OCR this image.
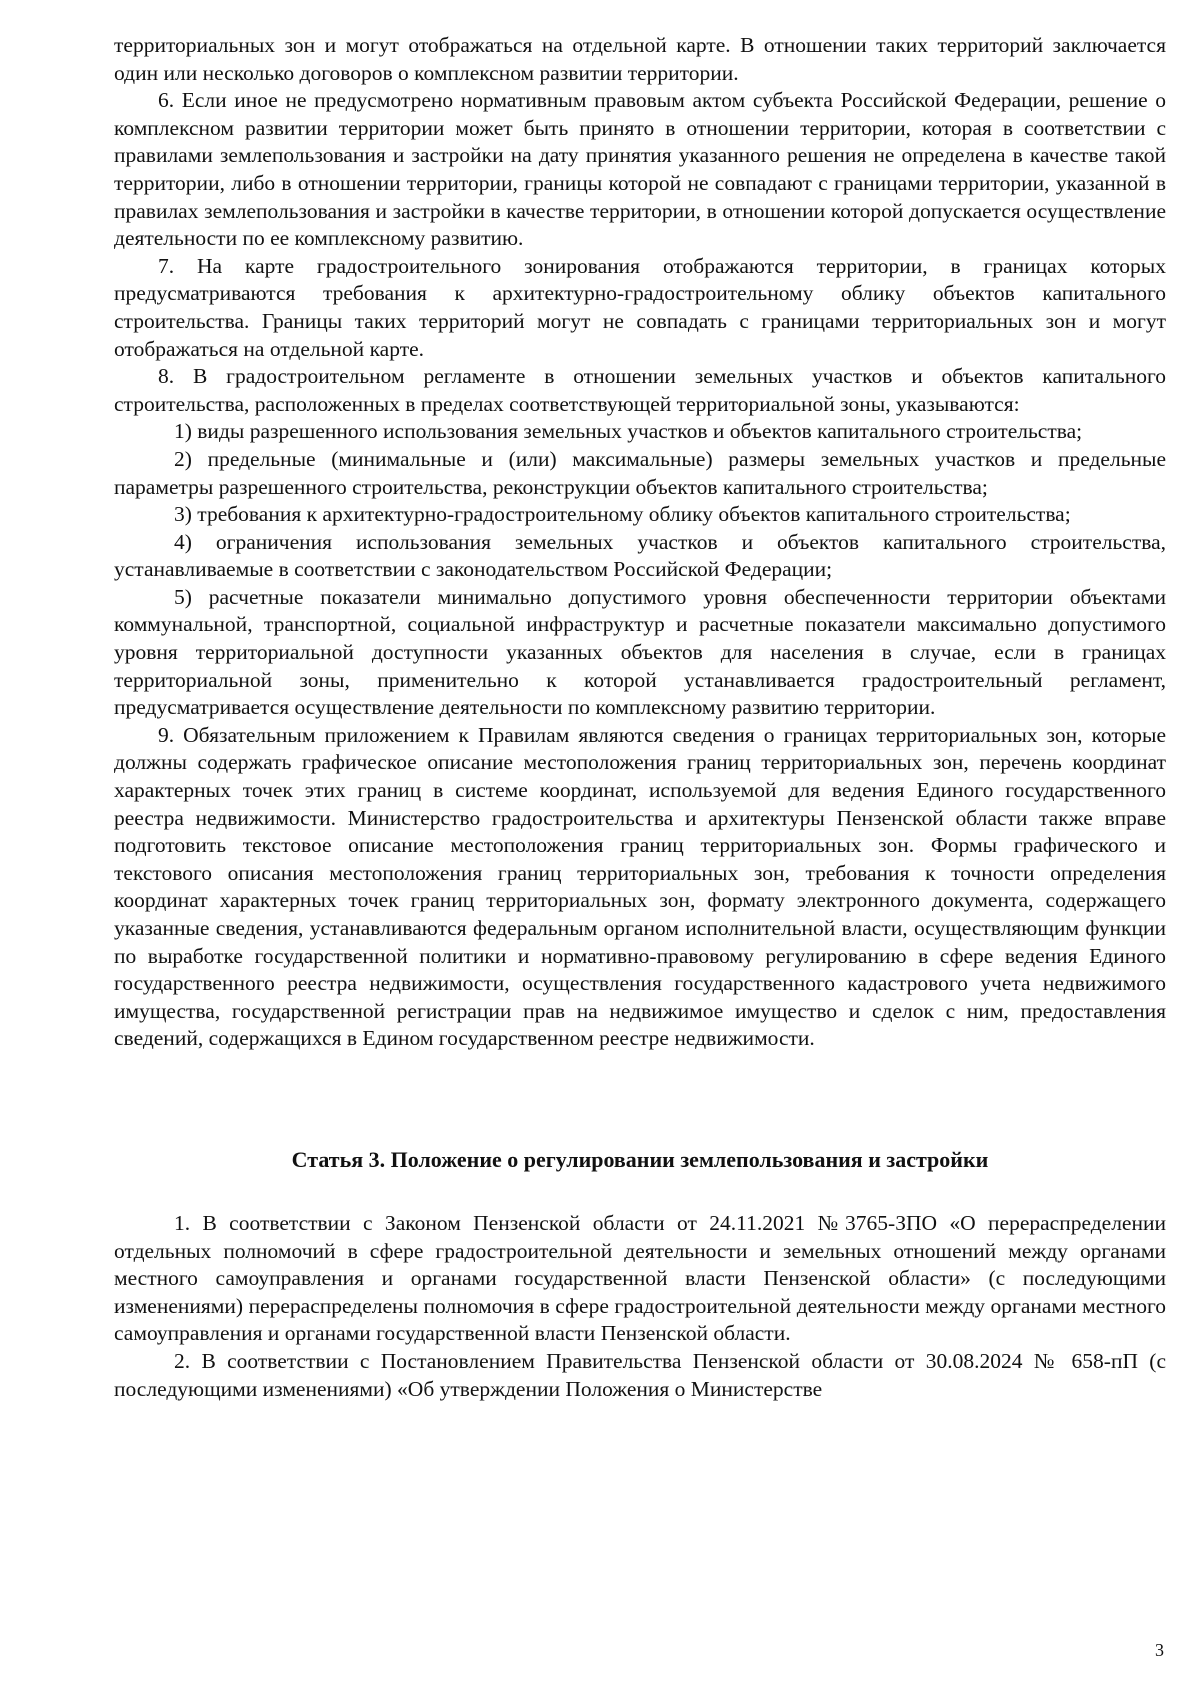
территориальных зон и могут отображаться на отдельной карте. В отношении таких территорий заключается один или несколько договоров о комплексном развитии территории.

6. Если иное не предусмотрено нормативным правовым актом субъекта Российской Федерации, решение о комплексном развитии территории может быть принято в отношении территории, которая в соответствии с правилами землепользования и застройки на дату принятия указанного решения не определена в качестве такой территории, либо в отношении территории, границы которой не совпадают с границами территории, указанной в правилах землепользования и застройки в качестве территории, в отношении которой допускается осуществление деятельности по ее комплексному развитию.

7. На карте градостроительного зонирования отображаются территории, в границах которых предусматриваются требования к архитектурно-градостроительному облику объектов капитального строительства. Границы таких территорий могут не совпадать с границами территориальных зон и могут отображаться на отдельной карте.

8. В градостроительном регламенте в отношении земельных участков и объектов капитального строительства, расположенных в пределах соответствующей территориальной зоны, указываются:

1) виды разрешенного использования земельных участков и объектов капитального строительства;

2) предельные (минимальные и (или) максимальные) размеры земельных участков и предельные параметры разрешенного строительства, реконструкции объектов капитального строительства;

3) требования к архитектурно-градостроительному облику объектов капитального строительства;

4) ограничения использования земельных участков и объектов капитального строительства, устанавливаемые в соответствии с законодательством Российской Федерации;

5) расчетные показатели минимально допустимого уровня обеспеченности территории объектами коммунальной, транспортной, социальной инфраструктур и расчетные показатели максимально допустимого уровня территориальной доступности указанных объектов для населения в случае, если в границах территориальной зоны, применительно к которой устанавливается градостроительный регламент, предусматривается осуществление деятельности по комплексному развитию территории.

9. Обязательным приложением к Правилам являются сведения о границах территориальных зон, которые должны содержать графическое описание местоположения границ территориальных зон, перечень координат характерных точек этих границ в системе координат, используемой для ведения Единого государственного реестра недвижимости. Министерство градостроительства и архитектуры Пензенской области также вправе подготовить текстовое описание местоположения границ территориальных зон. Формы графического и текстового описания местоположения границ территориальных зон, требования к точности определения координат характерных точек границ территориальных зон, формату электронного документа, содержащего указанные сведения, устанавливаются федеральным органом исполнительной власти, осуществляющим функции по выработке государственной политики и нормативно-правовому регулированию в сфере ведения Единого государственного реестра недвижимости, осуществления государственного кадастрового учета недвижимого имущества, государственной регистрации прав на недвижимое имущество и сделок с ним, предоставления сведений, содержащихся в Едином государственном реестре недвижимости.

Статья 3. Положение о регулировании землепользования и застройки

1. В соответствии с Законом Пензенской области от 24.11.2021 №3765-ЗПО «О перераспределении отдельных полномочий в сфере градостроительной деятельности и земельных отношений между органами местного самоуправления и органами государственной власти Пензенской области» (с последующими изменениями) перераспределены полномочия в сфере градостроительной деятельности между органами местного самоуправления и органами государственной власти Пензенской области.

2. В соответствии с Постановлением Правительства Пензенской области от 30.08.2024 № 658-пП (с последующими изменениями) «Об утверждении Положения о Министерстве

3
